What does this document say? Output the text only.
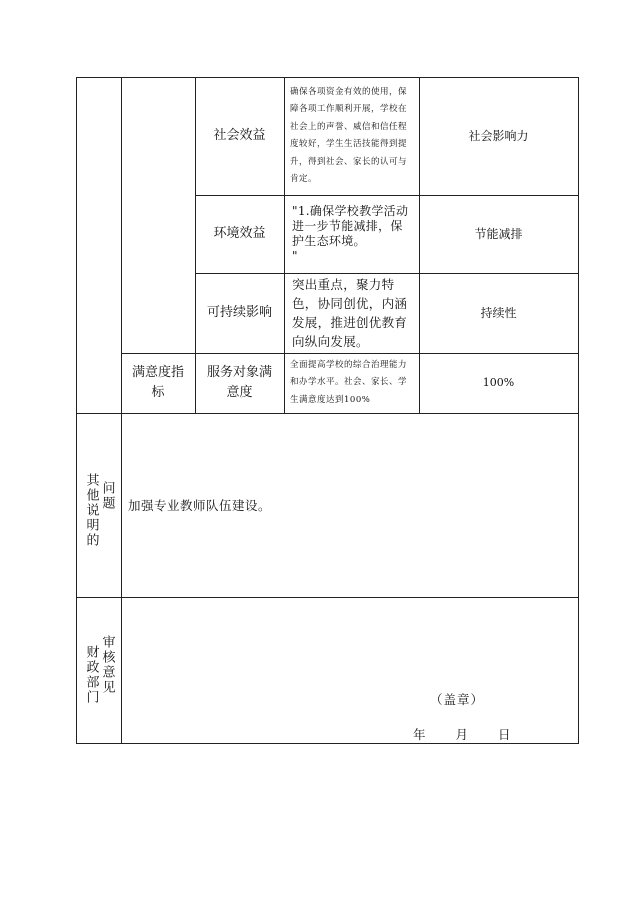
社会效益
确保各项资金有效的使用，保障各项工作顺利开展，学校在社会上的声誉、威信和信任程度较好，学生生活技能得到提升，得到社会、家长的认可与肯定。
社会影响力
环境效益
"1.确保学校教学活动进一步节能减排，保护生态环境。
"
节能减排
可持续影响
突出重点，聚力特色，协同创优，内涵发展，推进创优教育向纵向发展。
持续性
满意度指标
服务对象满意度
全面提高学校的综合治理能力和办学水平。社会、家长、学生满意度达到100%
100%
其他说明的 问题	加强专业教师队伍建设。
财政部门 审核意见
（盖章）
年 月 日
